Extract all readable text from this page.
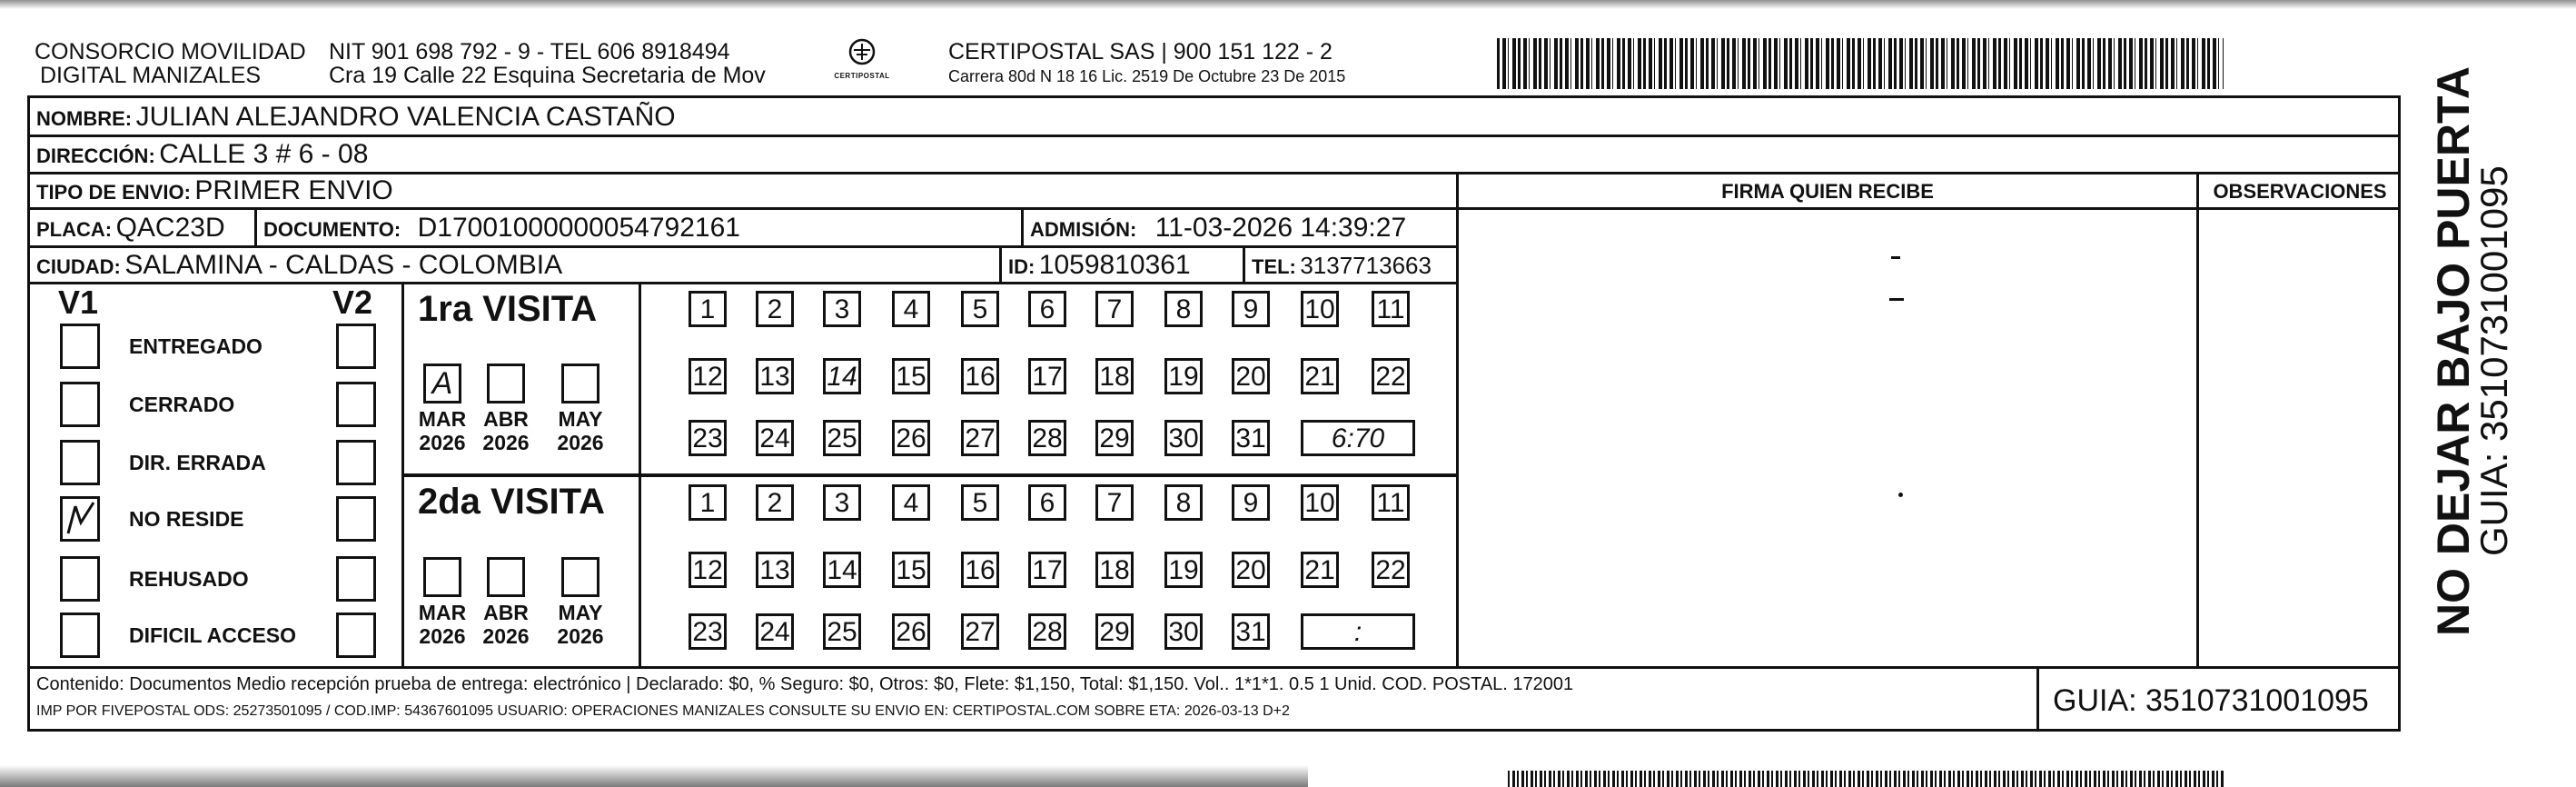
CONSORCIO MOVILIDAD
DIGITAL MANIZALES
NIT 901 698 792 - 9 - TEL 606 8918494
Cra 19 Calle 22 Esquina Secretaria de Mov	CERTIPOSTAL
CERTIPOSTAL SAS | 900 151 122 - 2
Carrera 80d N 18 16 Lic. 2519 De Octubre 23 De 2015
NOMBRE: JULIAN ALEJANDRO VALENCIA CASTAÑO
DIRECCIÓN: CALLE 3 # 6 - 08
TIPO DE ENVIO: PRIMER ENVIO	FIRMA QUIEN RECIBE	OBSERVACIONES
PLACA: QAC23D DOCUMENTO: D17001000000054792161	ADMISIÓN: 11-03-2026 14:39:27
CIUDAD: SALAMINA - CALDAS - COLOMBIA	ID: 1059810361	TEL: 3137713663
V1	V2 1ra VISITA
2da VISITA
Contenido: Documentos Medio recepción prueba de entrega: electrónico | Declarado: $0, % Seguro: $0, Otros: $0, Flete: $1,150, Total: $1,150. Vol.. 1*1*1. 0.5 1 Unid. COD. POSTAL. 172001
IMP POR FIVEPOSTAL ODS: 25273501095 / COD.IMP: 54367601095 USUARIO: OPERACIONES MANIZALES CONSULTE SU ENVIO EN: CERTIPOSTAL.COM SOBRE ETA: 2026-03-13 D+2	GUIA: 3510731001095
NO DEJAR BAJO PUERTA
GUIA: 3510731001095
ENTREGADO
CERRADO
DIR. ERRADA
NO RESIDE
REHUSADO
DIFICIL ACCESO
A
MAR
2026
ABR
2026
MAY
2026
1	2	3	4	5	6	7	8	9	10 11
12 13 14 15 16 17 18 19 20 21 22
23 24 25 26 27 28 29 30 31	6:70
MAR
2026
ABR
2026
MAY
2026
1	2	3	4	5	6	7	8	9	10 11
12 13 14 15 16 17 18 19 20 21 22
23 24 25 26 27 28 29 30 31	:
